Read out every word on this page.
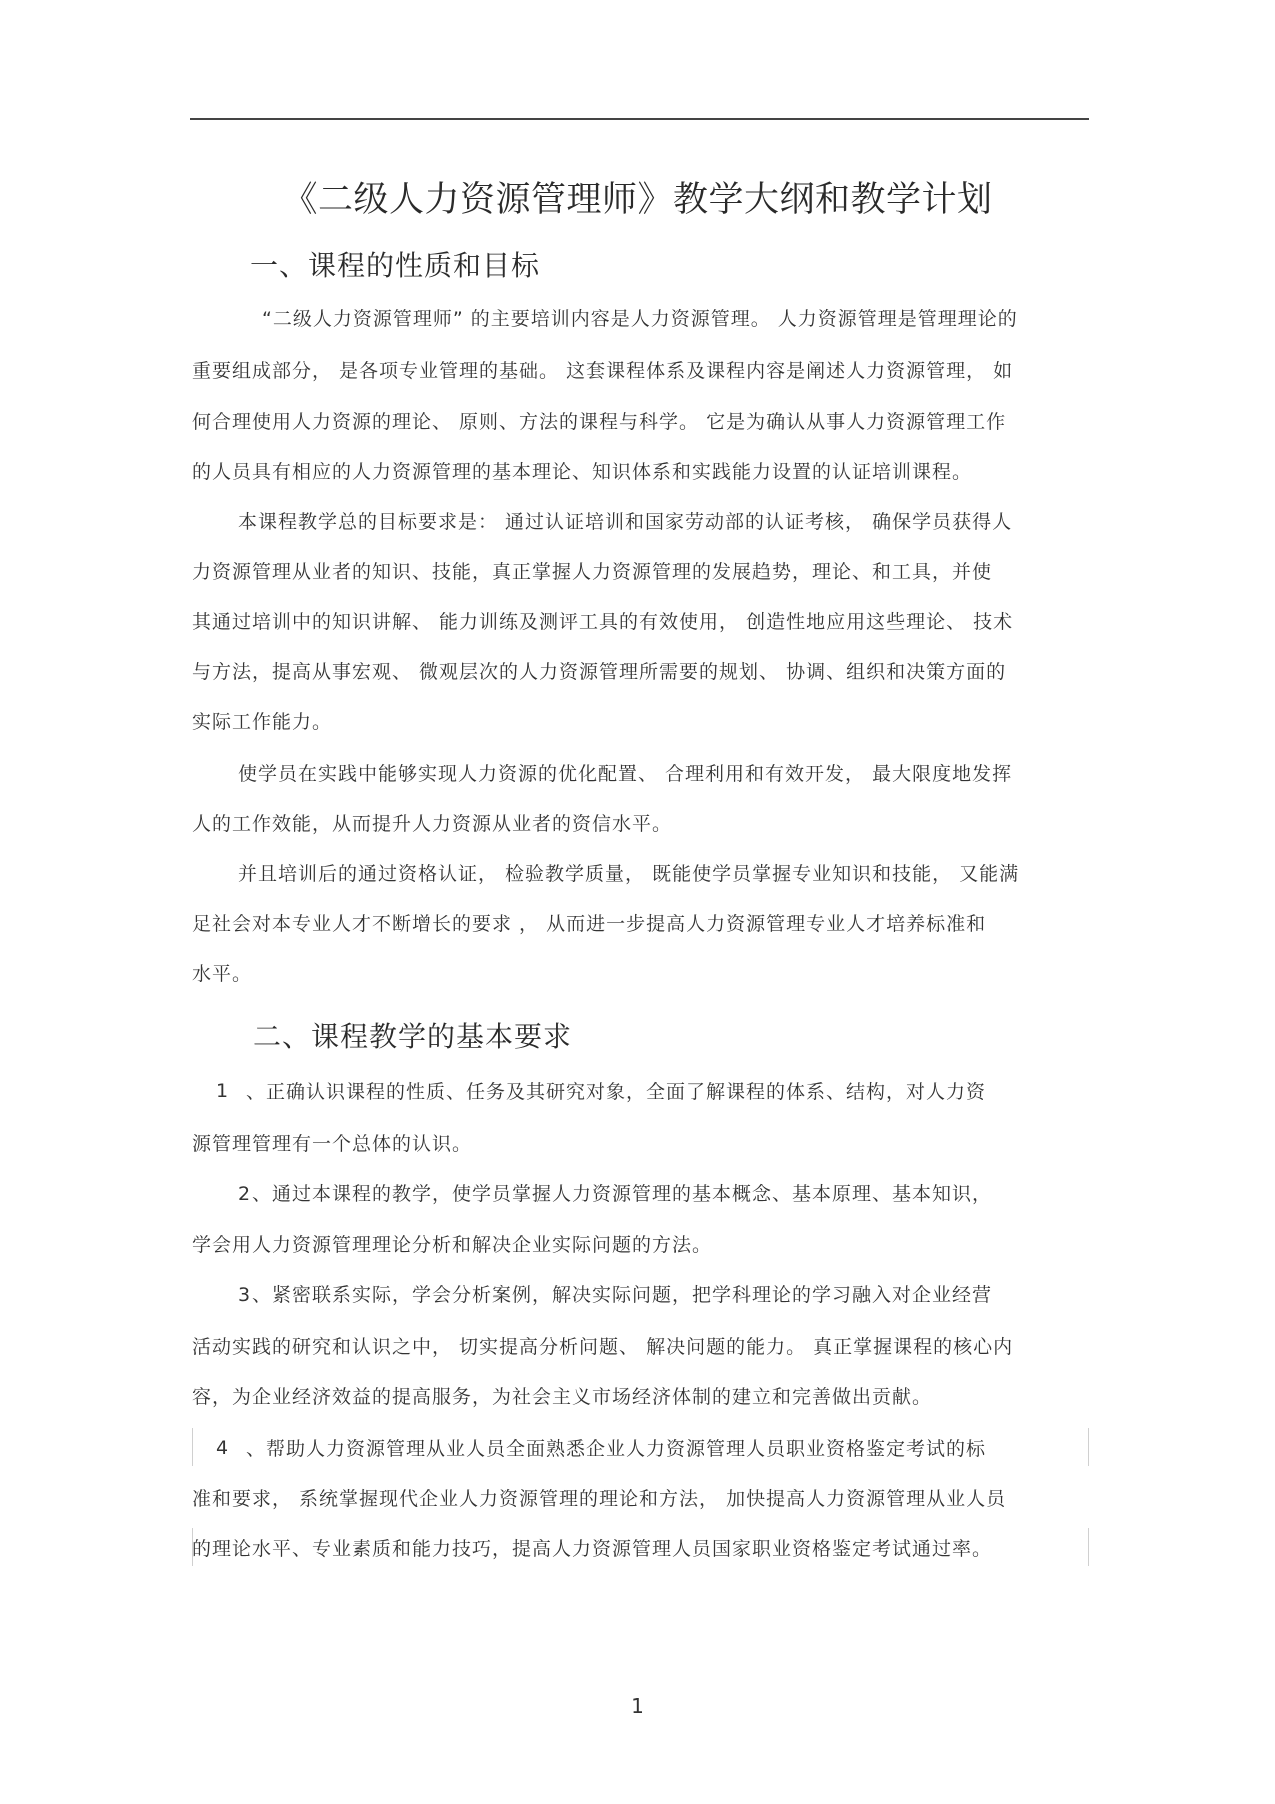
《二级人力资源管理师》教学大纲和教学计划
一、课程的性质和目标
“二级人力资源管理师” 的主要培训内容是人力资源管理。 人力资源管理是管理理论的
重要组成部分， 是各项专业管理的基础。 这套课程体系及课程内容是阐述人力资源管理， 如
何合理使用人力资源的理论、 原则、方法的课程与科学。 它是为确认从事人力资源管理工作
的人员具有相应的人力资源管理的基本理论、知识体系和实践能力设置的认证培训课程。
本课程教学总的目标要求是： 通过认证培训和国家劳动部的认证考核， 确保学员获得人
力资源管理从业者的知识、技能，真正掌握人力资源管理的发展趋势，理论、和工具，并使
其通过培训中的知识讲解、 能力训练及测评工具的有效使用， 创造性地应用这些理论、 技术
与方法，提高从事宏观、 微观层次的人力资源管理所需要的规划、 协调、组织和决策方面的
实际工作能力。
使学员在实践中能够实现人力资源的优化配置、 合理利用和有效开发， 最大限度地发挥
人的工作效能，从而提升人力资源从业者的资信水平。
并且培训后的通过资格认证， 检验教学质量， 既能使学员掌握专业知识和技能， 又能满
足社会对本专业人才不断增长的要求 ， 从而进一步提高人力资源管理专业人才培养标准和
水平。
二、课程教学的基本要求
1 、正确认识课程的性质、任务及其研究对象，全面了解课程的体系、结构，对人力资
源管理管理有一个总体的认识。
2 、通过本课程的教学，使学员掌握人力资源管理的基本概念、基本原理、基本知识，
学会用人力资源管理理论分析和解决企业实际问题的方法。
3 、紧密联系实际，学会分析案例，解决实际问题，把学科理论的学习融入对企业经营
活动实践的研究和认识之中， 切实提高分析问题、 解决问题的能力。 真正掌握课程的核心内
容，为企业经济效益的提高服务，为社会主义市场经济体制的建立和完善做出贡献。
4 、帮助人力资源管理从业人员全面熟悉企业人力资源管理人员职业资格鉴定考试的标
准和要求， 系统掌握现代企业人力资源管理的理论和方法， 加快提高人力资源管理从业人员
的理论水平、专业素质和能力技巧，提高人力资源管理人员国家职业资格鉴定考试通过率。
1
